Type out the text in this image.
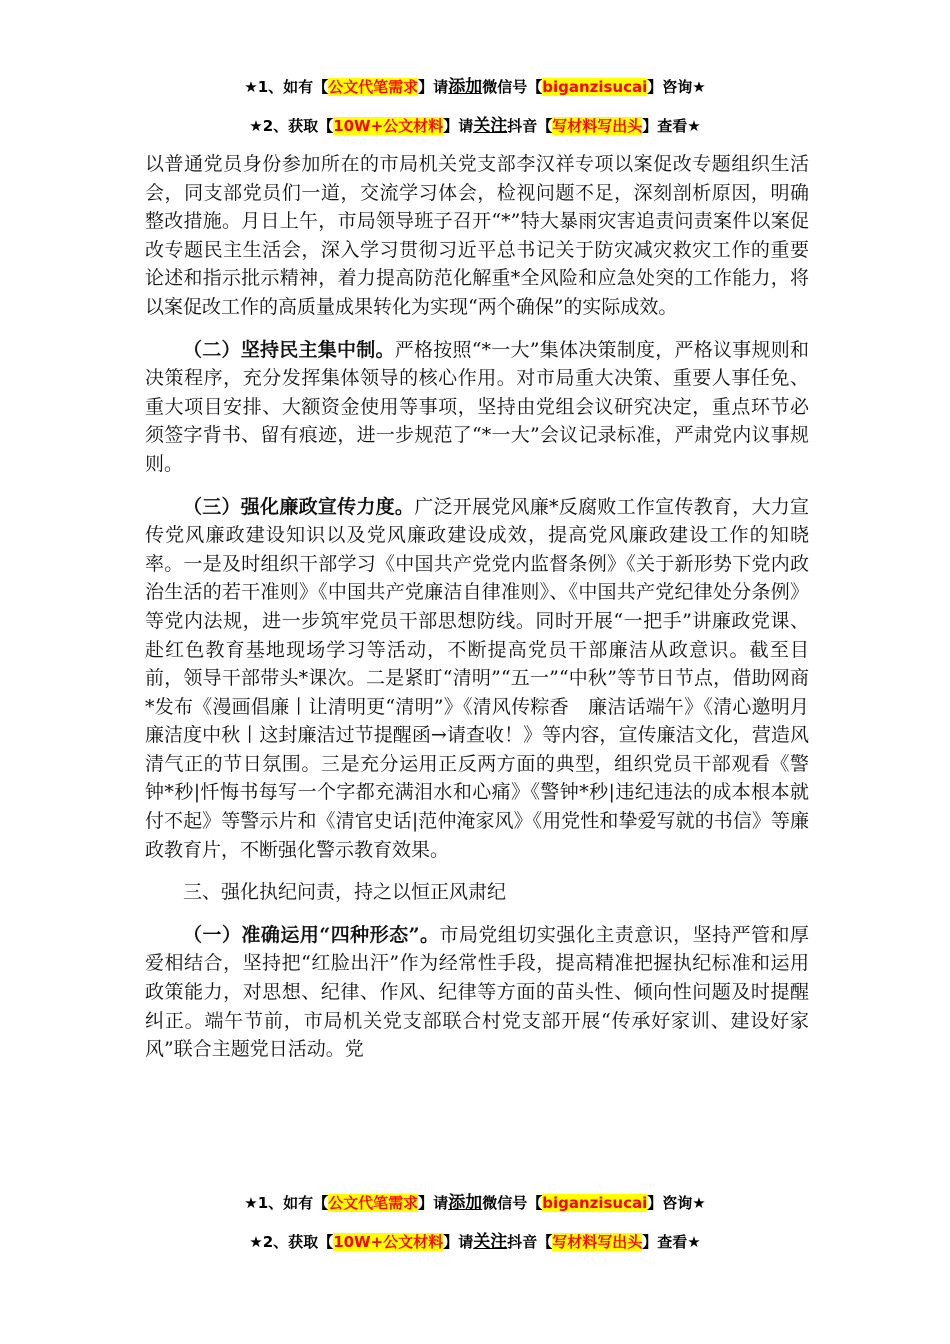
★1、如有【公文代笔需求】请添加微信号【biganzisucai】咨询★
★2、获取【10W+公文材料】请关注抖音【写材料写出头】查看★

以普通党员身份参加所在的市局机关党支部李汉祥专项以案促改专题组织生活会，同支部党员们一道，交流学习体会，检视问题不足，深刻剖析原因，明确整改措施。月日上午，市局领导班子召开“*”特大暴雨灾害追责问责案件以案促改专题民主生活会，深入学习贯彻习近平总书记关于防灾减灾救灾工作的重要论述和指示批示精神，着力提高防范化解重*全风险和应急处突的工作能力，将以案促改工作的高质量成果转化为实现“两个确保”的实际成效。

（二）坚持民主集中制。严格按照“*一大”集体决策制度，严格议事规则和决策程序，充分发挥集体领导的核心作用。对市局重大决策、重要人事任免、重大项目安排、大额资金使用等事项，坚持由党组会议研究决定，重点环节必须签字背书、留有痕迹，进一步规范了“*一大”会议记录标准，严肃党内议事规则。

（三）强化廉政宣传力度。广泛开展党风廉*反腐败工作宣传教育，大力宣传党风廉政建设知识以及党风廉政建设成效，提高党风廉政建设工作的知晓率。一是及时组织干部学习《中国共产党党内监督条例》《关于新形势下党内政治生活的若干准则》《中国共产党廉洁自律准则》、《中国共产党纪律处分条例》等党内法规，进一步筑牢党员干部思想防线。同时开展“一把手”讲廉政党课、赴红色教育基地现场学习等活动，不断提高党员干部廉洁从政意识。截至目前，领导干部带头*课次。二是紧盯“清明”“五一”“中秋”等节日节点，借助网商*发布《漫画倡廉丨让清明更“清明”》《清风传粽香　廉洁话端午》《清心邀明月　廉洁度中秋丨这封廉洁过节提醒函→请查收！》等内容，宣传廉洁文化，营造风清气正的节日氛围。三是充分运用正反两方面的典型，组织党员干部观看《警钟*秒|忏悔书每写一个字都充满泪水和心痛》《警钟*秒|违纪违法的成本根本就付不起》等警示片和《清官史话|范仲淹家风》《用党性和挚爱写就的书信》等廉政教育片，不断强化警示教育效果。

三、强化执纪问责，持之以恒正风肃纪

（一）准确运用“四种形态”。市局党组切实强化主责意识，坚持严管和厚爱相结合，坚持把“红脸出汗”作为经常性手段，提高精准把握执纪标准和运用政策能力，对思想、纪律、作风、纪律等方面的苗头性、倾向性问题及时提醒纠正。端午节前，市局机关党支部联合村党支部开展“传承好家训、建设好家风”联合主题党日活动。党

★1、如有【公文代笔需求】请添加微信号【biganzisucai】咨询★
★2、获取【10W+公文材料】请关注抖音【写材料写出头】查看★
